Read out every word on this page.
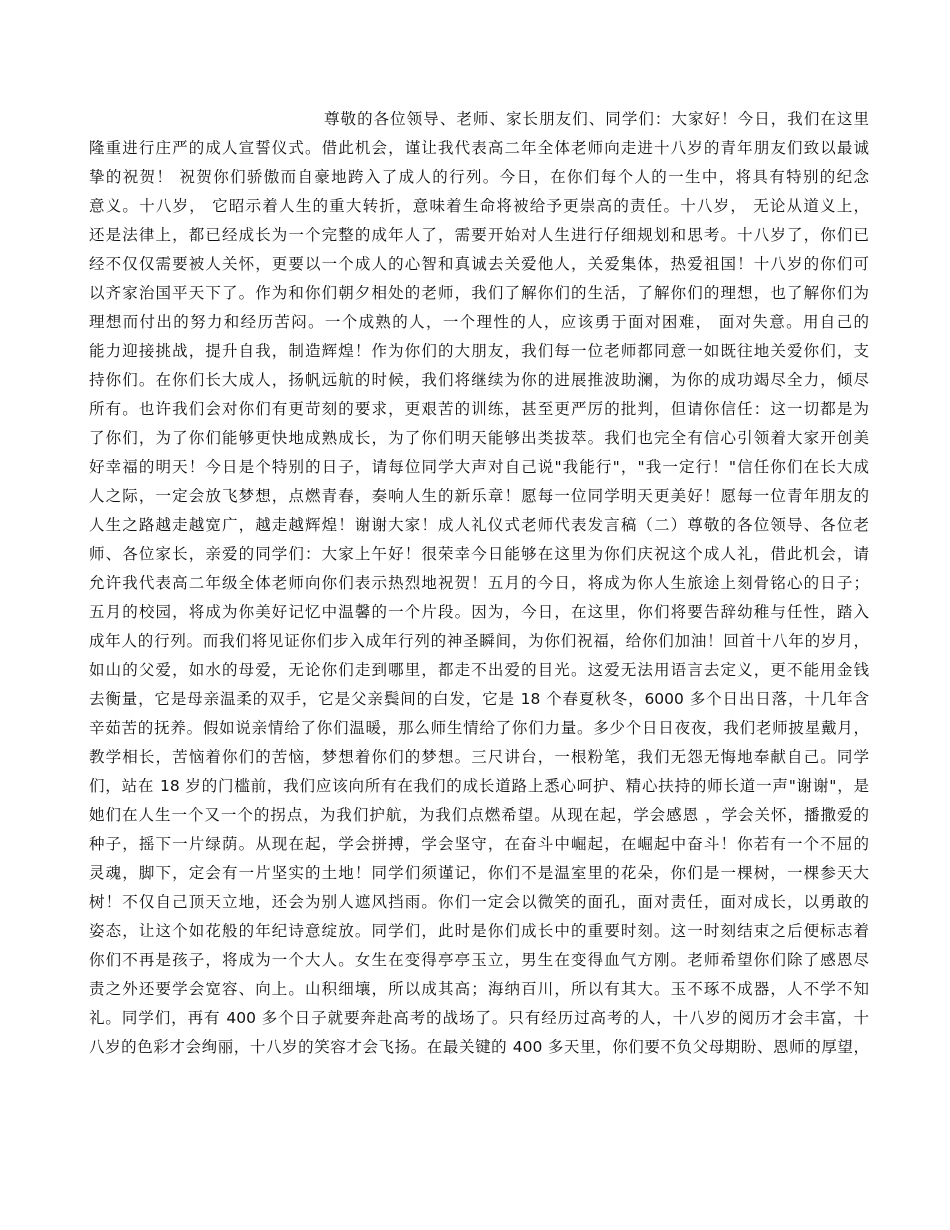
尊敬的各位领导、老师、家长朋友们、同学们：大家好！今日，我们在这里
隆重进行庄严的成人宣誓仪式。借此机会，谨让我代表高二年全体老师向走进十八岁的青年朋友们致以最诚
挚的祝贺！ 祝贺你们骄傲而自豪地跨入了成人的行列。今日，在你们每个人的一生中，将具有特别的纪念
意义。十八岁， 它昭示着人生的重大转折，意味着生命将被给予更崇高的责任。十八岁， 无论从道义上，
还是法律上，都已经成长为一个完整的成年人了，需要开始对人生进行仔细规划和思考。十八岁了，你们已
经不仅仅需要被人关怀，更要以一个成人的心智和真诚去关爱他人，关爱集体，热爱祖国！十八岁的你们可
以齐家治国平天下了。作为和你们朝夕相处的老师，我们了解你们的生活，了解你们的理想，也了解你们为
理想而付出的努力和经历苦闷。一个成熟的人，一个理性的人，应该勇于面对困难， 面对失意。用自己的
能力迎接挑战，提升自我，制造辉煌！作为你们的大朋友，我们每一位老师都同意一如既往地关爱你们，支
持你们。在你们长大成人，扬帆远航的时候，我们将继续为你的进展推波助澜，为你的成功竭尽全力，倾尽
所有。也许我们会对你们有更苛刻的要求，更艰苦的训练，甚至更严厉的批判，但请你信任：这一切都是为
了你们，为了你们能够更快地成熟成长，为了你们明天能够出类拔萃。我们也完全有信心引领着大家开创美
好幸福的明天！今日是个特别的日子，请每位同学大声对自己说"我能行"，"我一定行！"信任你们在长大成
人之际，一定会放飞梦想，点燃青春，奏响人生的新乐章！愿每一位同学明天更美好！愿每一位青年朋友的
人生之路越走越宽广，越走越辉煌！谢谢大家！成人礼仪式老师代表发言稿（二）尊敬的各位领导、各位老
师、各位家长，亲爱的同学们：大家上午好！很荣幸今日能够在这里为你们庆祝这个成人礼，借此机会，请
允许我代表高二年级全体老师向你们表示热烈地祝贺！五月的今日，将成为你人生旅途上刻骨铭心的日子；
五月的校园，将成为你美好记忆中温馨的一个片段。因为，今日，在这里，你们将要告辞幼稚与任性，踏入
成年人的行列。而我们将见证你们步入成年行列的神圣瞬间，为你们祝福，给你们加油！回首十八年的岁月，
如山的父爱，如水的母爱，无论你们走到哪里，都走不出爱的目光。这爱无法用语言去定义，更不能用金钱
去衡量，它是母亲温柔的双手，它是父亲鬓间的白发，它是 18 个春夏秋冬，6000 多个日出日落，十几年含
辛茹苦的抚养。假如说亲情给了你们温暖，那么师生情给了你们力量。多少个日日夜夜，我们老师披星戴月，
教学相长，苦恼着你们的苦恼，梦想着你们的梦想。三尺讲台，一根粉笔，我们无怨无悔地奉献自己。同学
们，站在 18 岁的门槛前，我们应该向所有在我们的成长道路上悉心呵护、精心扶持的师长道一声"谢谢"，是
她们在人生一个又一个的拐点，为我们护航，为我们点燃希望。从现在起，学会感恩 ，学会关怀，播撒爱的
种子，摇下一片绿荫。从现在起，学会拼搏，学会坚守，在奋斗中崛起，在崛起中奋斗！你若有一个不屈的
灵魂，脚下，定会有一片坚实的土地！同学们须谨记，你们不是温室里的花朵，你们是一棵树，一棵参天大
树！不仅自己顶天立地，还会为别人遮风挡雨。你们一定会以微笑的面孔，面对责任，面对成长，以勇敢的
姿态，让这个如花般的年纪诗意绽放。同学们，此时是你们成长中的重要时刻。这一时刻结束之后便标志着
你们不再是孩子，将成为一个大人。女生在变得亭亭玉立，男生在变得血气方刚。老师希望你们除了感恩尽
责之外还要学会宽容、向上。山积细壤，所以成其高；海纳百川，所以有其大。玉不琢不成器，人不学不知
礼。同学们，再有 400 多个日子就要奔赴高考的战场了。只有经历过高考的人，十八岁的阅历才会丰富，十
八岁的色彩才会绚丽，十八岁的笑容才会飞扬。在最关键的 400 多天里，你们要不负父母期盼、恩师的厚望，
